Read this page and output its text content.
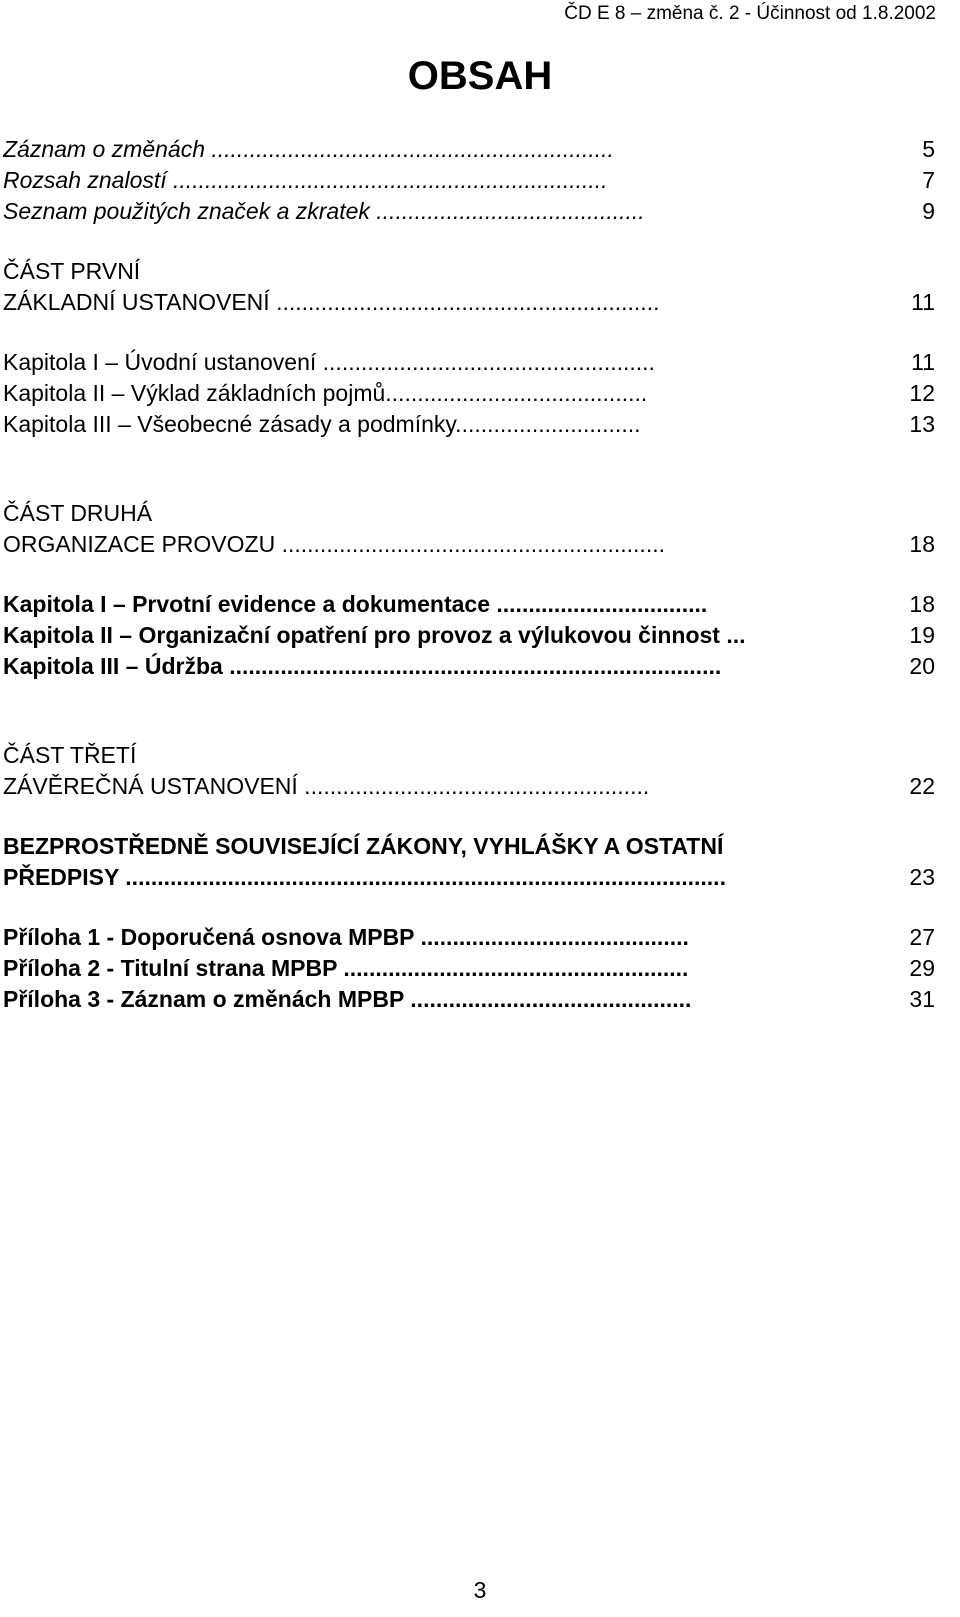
ČD E 8 – změna č. 2 - Účinnost od 1.8.2002
OBSAH
Záznam o změnách ...............................................................	5
Rozsah znalostí ....................................................................	7
Seznam použitých značek a zkratek ..........................................	9
ČÁST PRVNÍ
ZÁKLADNÍ USTANOVENÍ ............................................................	11
Kapitola I – Úvodní ustanovení ....................................................	11
Kapitola II – Výklad základních pojmů.........................................	12
Kapitola III – Všeobecné zásady a podmínky.............................	13
ČÁST DRUHÁ
ORGANIZACE PROVOZU ............................................................	18
Kapitola I – Prvotní evidence a dokumentace .................................	18
Kapitola II – Organizační opatření pro provoz a výlukovou činnost ...	19
Kapitola III – Údržba .............................................................................	20
ČÁST TŘETÍ
ZÁVĚREČNÁ USTANOVENÍ ......................................................	22
BEZPROSTŘEDNĚ SOUVISEJÍCÍ ZÁKONY, VYHLÁŠKY A OSTATNÍ
PŘEDPISY ..............................................................................................	23
Příloha 1 - Doporučená osnova MPBP ..........................................	27
Příloha 2 - Titulní strana MPBP ......................................................	29
Příloha 3 - Záznam o změnách MPBP ............................................	31
3
